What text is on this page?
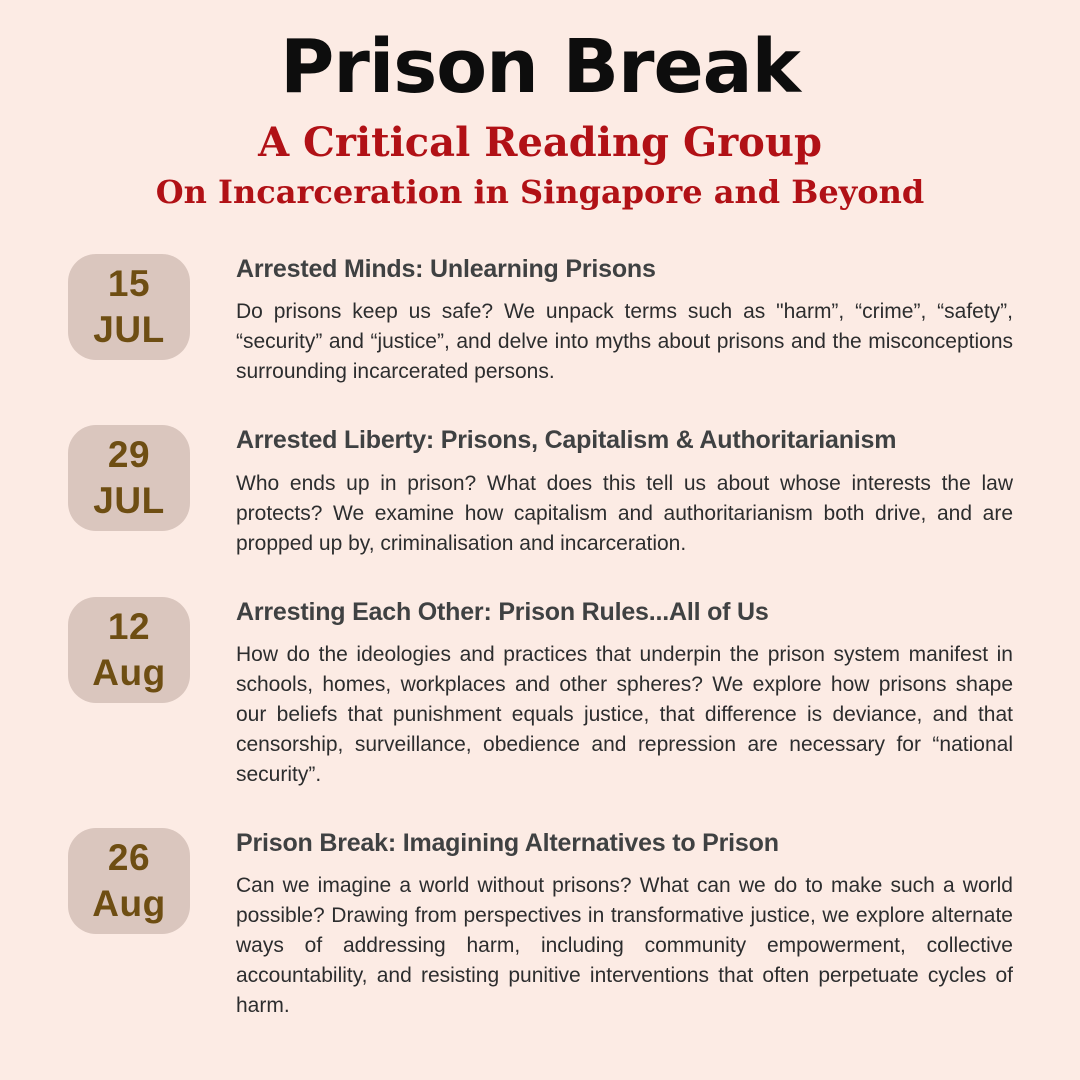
Prison Break
A Critical Reading Group
On Incarceration in Singapore and Beyond
15
JUL
Arrested Minds: Unlearning Prisons

Do prisons keep us safe? We unpack terms such as "harm”, “crime”, “safety”, “security” and “justice”, and delve into myths about prisons and the misconceptions surrounding incarcerated persons.

29
JUL
Arrested Liberty: Prisons, Capitalism & Authoritarianism

Who ends up in prison? What does this tell us about whose interests the law protects? We examine how capitalism and authoritarianism both drive, and are propped up by, criminalisation and incarceration.

12
Aug
Arresting Each Other: Prison Rules...All of Us

How do the ideologies and practices that underpin the prison system manifest in schools, homes, workplaces and other spheres? We explore how prisons shape our beliefs that punishment equals justice, that difference is deviance, and that censorship, surveillance, obedience and repression are necessary for “national security”.

26
Aug
Prison Break: Imagining Alternatives to Prison

Can we imagine a world without prisons? What can we do to make such a world possible? Drawing from perspectives in transformative justice, we explore alternate ways of addressing harm, including community empowerment, collective accountability, and resisting punitive interventions that often perpetuate cycles of harm.
